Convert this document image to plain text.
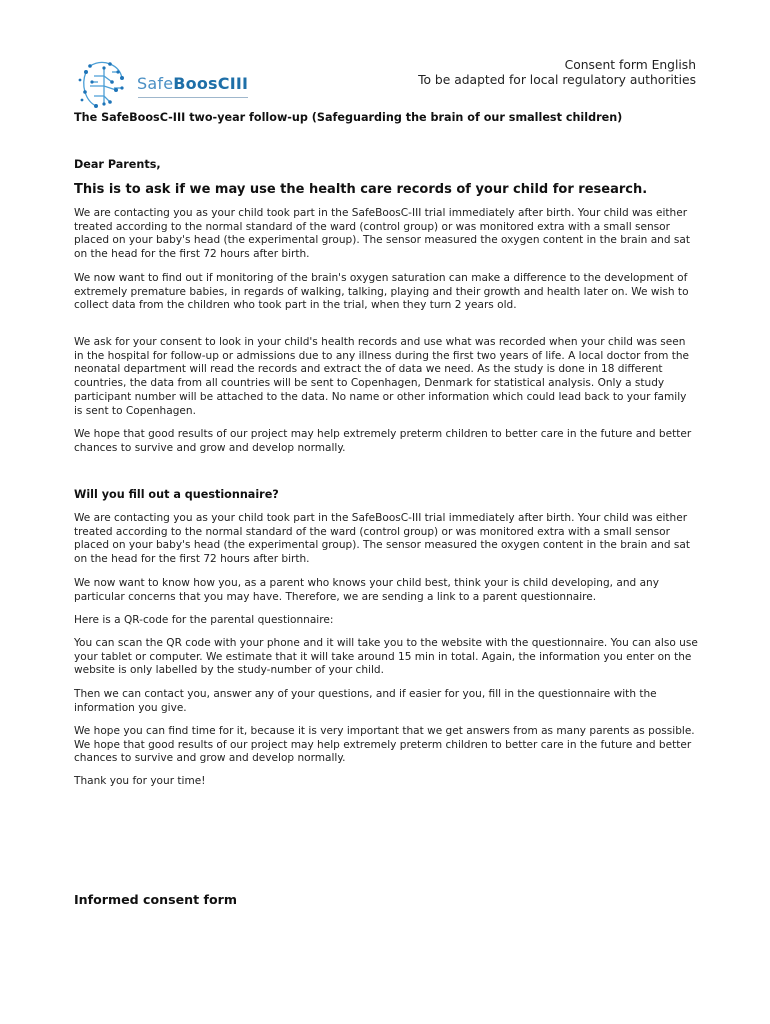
SafeBoosCIII
Consent form English
To be adapted for local regulatory authorities
The SafeBoosC-III two-year follow-up (Safeguarding the brain of our smallest children)
Dear Parents,
This is to ask if we may use the health care records of your child for research.

We are contacting you as your child took part in the SafeBoosC-III trial immediately after birth. Your child was either treated according to the normal standard of the ward (control group) or was monitored extra with a small sensor placed on your baby's head (the experimental group). The sensor measured the oxygen content in the brain and sat on the head for the first 72 hours after birth.

We now want to find out if monitoring of the brain's oxygen saturation can make a difference to the development of extremely premature babies, in regards of walking, talking, playing and their growth and health later on. We wish to collect data from the children who took part in the trial, when they turn 2 years old.

We ask for your consent to look in your child's health records and use what was recorded when your child was seen in the hospital for follow-up or admissions due to any illness during the first two years of life. A local doctor from the neonatal department will read the records and extract the of data we need. As the study is done in 18 different countries, the data from all countries will be sent to Copenhagen, Denmark for statistical analysis. Only a study participant number will be attached to the data. No name or other information which could lead back to your family is sent to Copenhagen.

We hope that good results of our project may help extremely preterm children to better care in the future and better chances to survive and grow and develop normally.

Will you fill out a questionnaire?

We are contacting you as your child took part in the SafeBoosC-III trial immediately after birth. Your child was either treated according to the normal standard of the ward (control group) or was monitored extra with a small sensor placed on your baby's head (the experimental group). The sensor measured the oxygen content in the brain and sat on the head for the first 72 hours after birth.

We now want to know how you, as a parent who knows your child best, think your is child developing, and any particular concerns that you may have. Therefore, we are sending a link to a parent questionnaire.

Here is a QR-code for the parental questionnaire:

You can scan the QR code with your phone and it will take you to the website with the questionnaire. You can also use your tablet or computer. We estimate that it will take around 15 min in total. Again, the information you enter on the website is only labelled by the study-number of your child.

Then we can contact you, answer any of your questions, and if easier for you, fill in the questionnaire with the information you give.

We hope you can find time for it, because it is very important that we get answers from as many parents as possible. We hope that good results of our project may help extremely preterm children to better care in the future and better chances to survive and grow and develop normally.

Thank you for your time!

Informed consent form
